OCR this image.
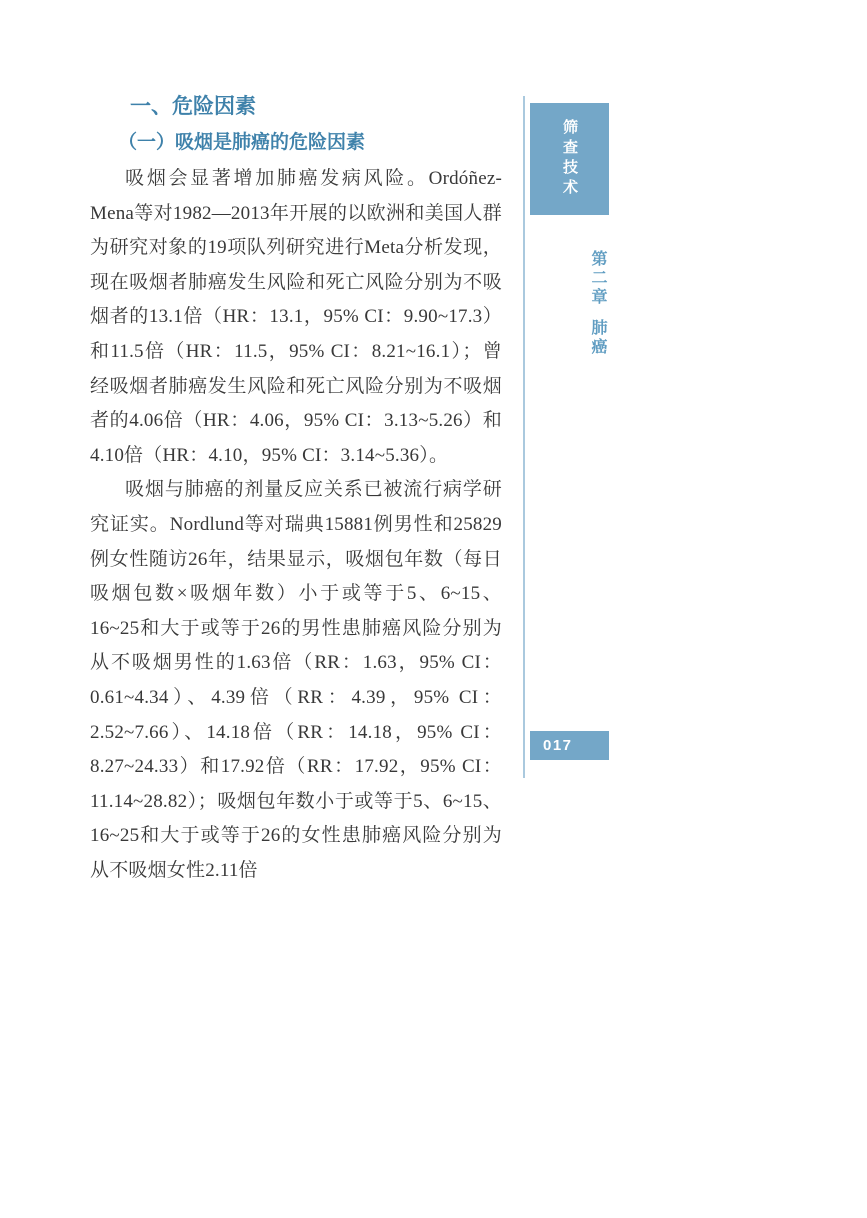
一、危险因素
（一）吸烟是肺癌的危险因素

吸烟会显著增加肺癌发病风险。Ordóñez-Mena等对1982—2013年开展的以欧洲和美国人群为研究对象的19项队列研究进行Meta分析发现，现在吸烟者肺癌发生风险和死亡风险分别为不吸烟者的13.1倍（HR：13.1，95% CI：9.90~17.3）和11.5倍（HR：11.5，95% CI：8.21~16.1）；曾经吸烟者肺癌发生风险和死亡风险分别为不吸烟者的4.06倍（HR：4.06，95% CI：3.13~5.26）和4.10倍（HR：4.10，95% CI：3.14~5.36）。

吸烟与肺癌的剂量反应关系已被流行病学研究证实。Nordlund等对瑞典15881例男性和25829例女性随访26年，结果显示，吸烟包年数（每日吸烟包数×吸烟年数）小于或等于5、6~15、16~25和大于或等于26的男性患肺癌风险分别为从不吸烟男性的1.63倍（RR：1.63，95% CI：0.61~4.34）、4.39倍（RR：4.39，95% CI：2.52~7.66）、14.18倍（RR：14.18，95% CI：8.27~24.33）和17.92倍（RR：17.92，95% CI：11.14~28.82）；吸烟包年数小于或等于5、6~15、16~25和大于或等于26的女性患肺癌风险分别为从不吸烟女性2.11倍

筛查技术
第二章
肺癌
017
